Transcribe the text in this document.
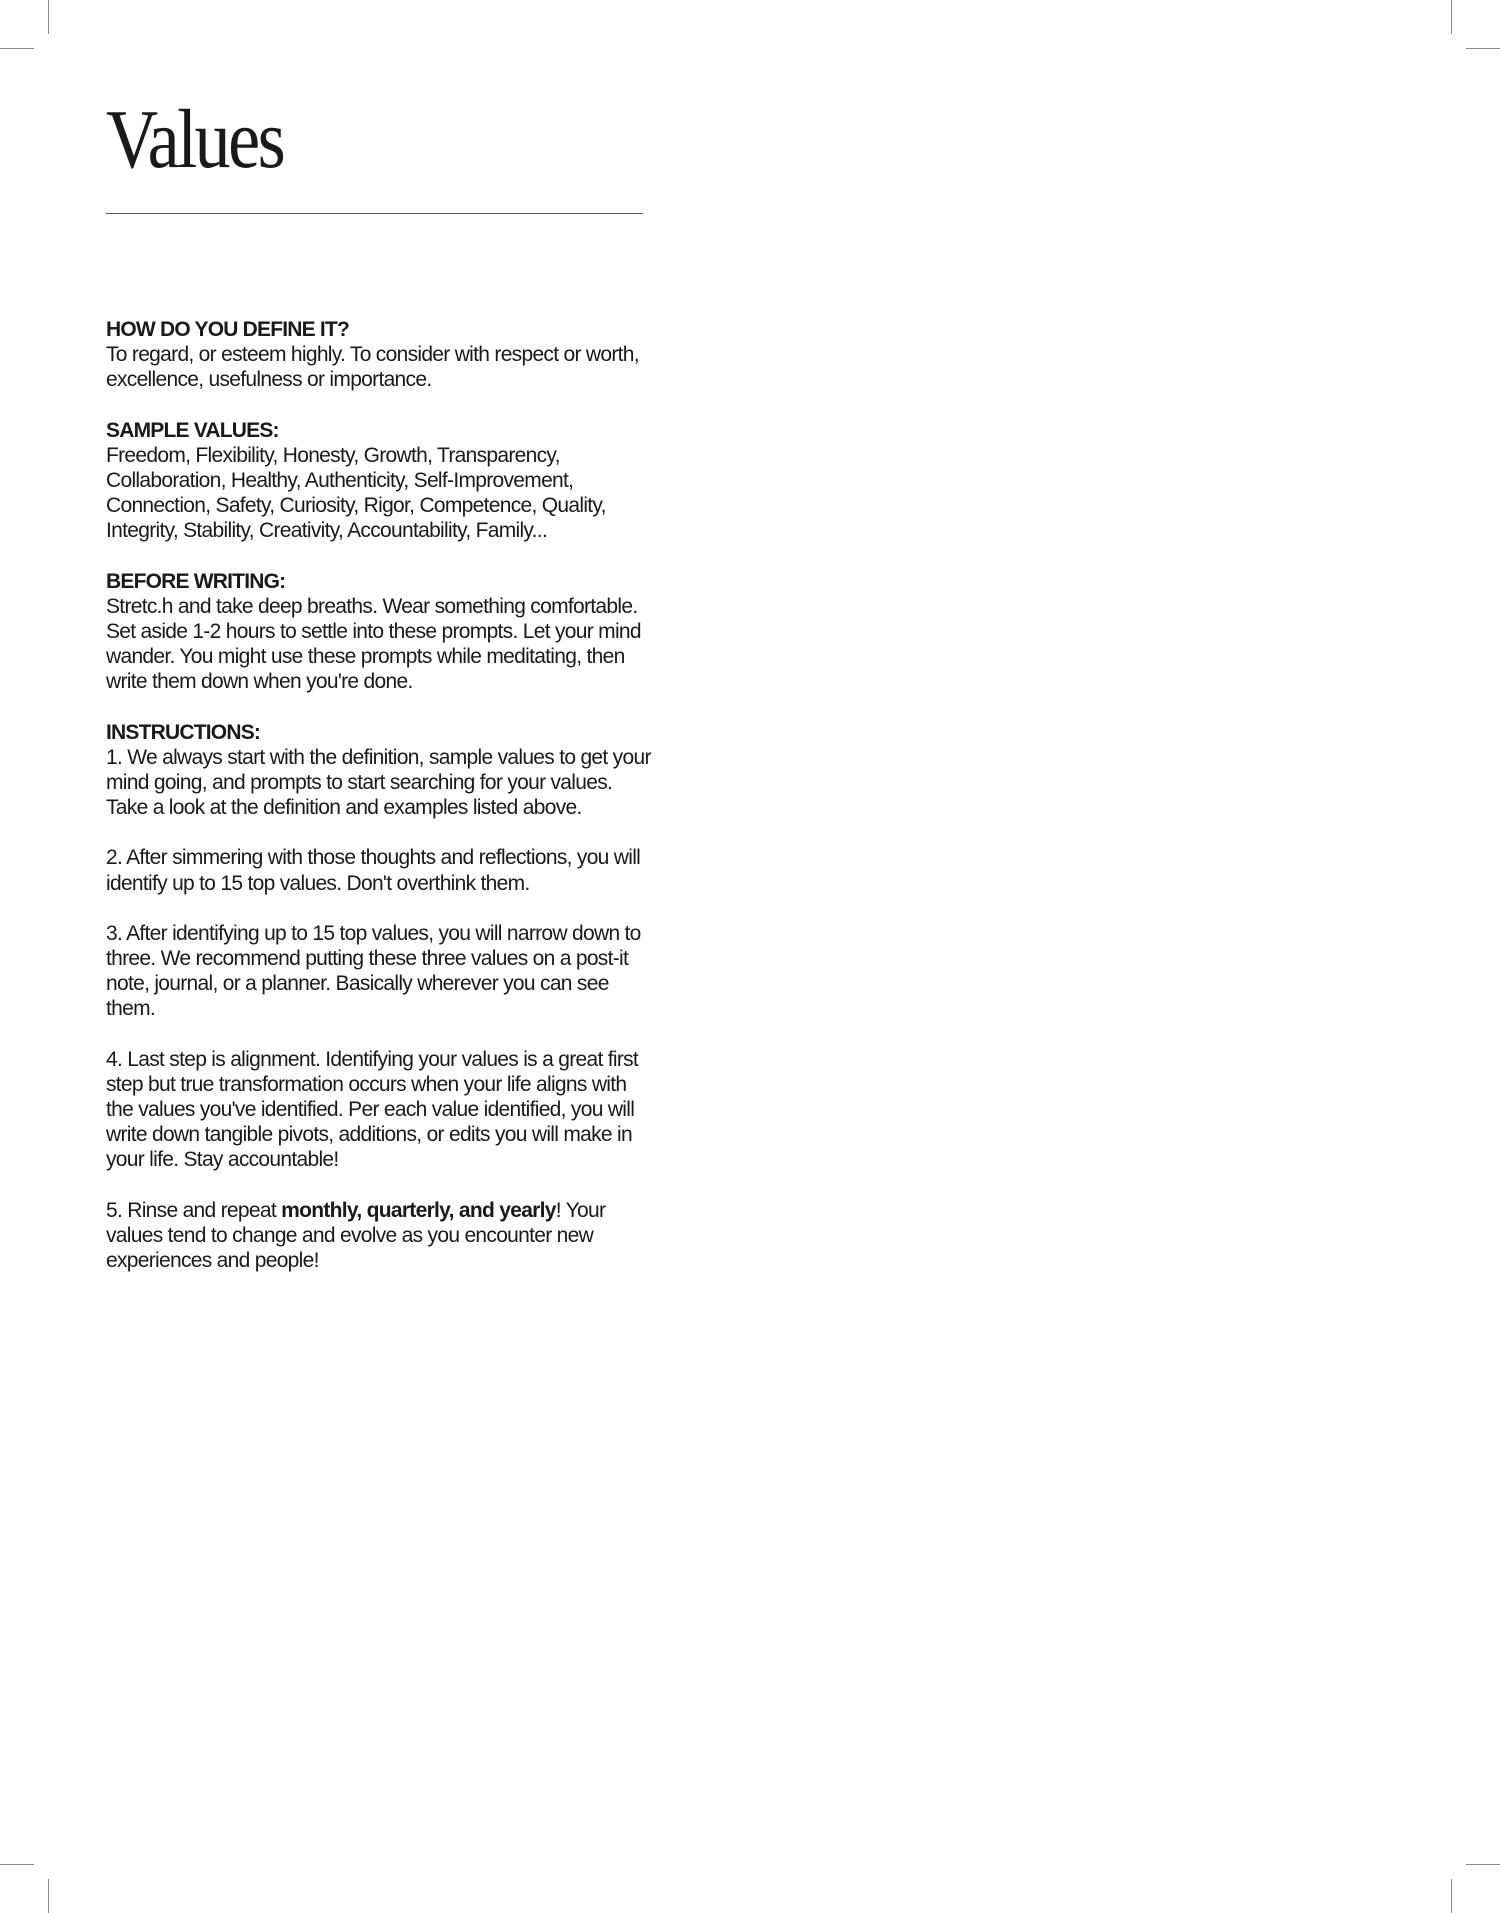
Values
HOW DO YOU DEFINE IT?
To regard, or esteem highly. To consider with respect or worth, excellence, usefulness or importance.
SAMPLE VALUES:
Freedom, Flexibility, Honesty, Growth, Transparency, Collaboration, Healthy, Authenticity, Self-Improvement, Connection, Safety, Curiosity, Rigor, Competence, Quality, Integrity, Stability, Creativity, Accountability, Family...
BEFORE WRITING:
Stretc.h and take deep breaths. Wear something comfortable. Set aside 1-2 hours to settle into these prompts. Let your mind wander. You might use these prompts while meditating, then write them down when you're done.
INSTRUCTIONS:
1. We always start with the definition, sample values to get your mind going, and prompts to start searching for your values. Take a look at the definition and examples listed above.
2. After simmering with those thoughts and reflections, you will identify up to 15 top values. Don't overthink them.
3. After identifying up to 15 top values, you will narrow down to three. We recommend putting these three values on a post-it note, journal, or a planner. Basically wherever you can see them.
4. Last step is alignment. Identifying your values is a great first step but true transformation occurs when your life aligns with the values you've identified. Per each value identified, you will write down tangible pivots, additions, or edits you will make in your life. Stay accountable!
5. Rinse and repeat monthly, quarterly, and yearly! Your values tend to change and evolve as you encounter new experiences and people!
